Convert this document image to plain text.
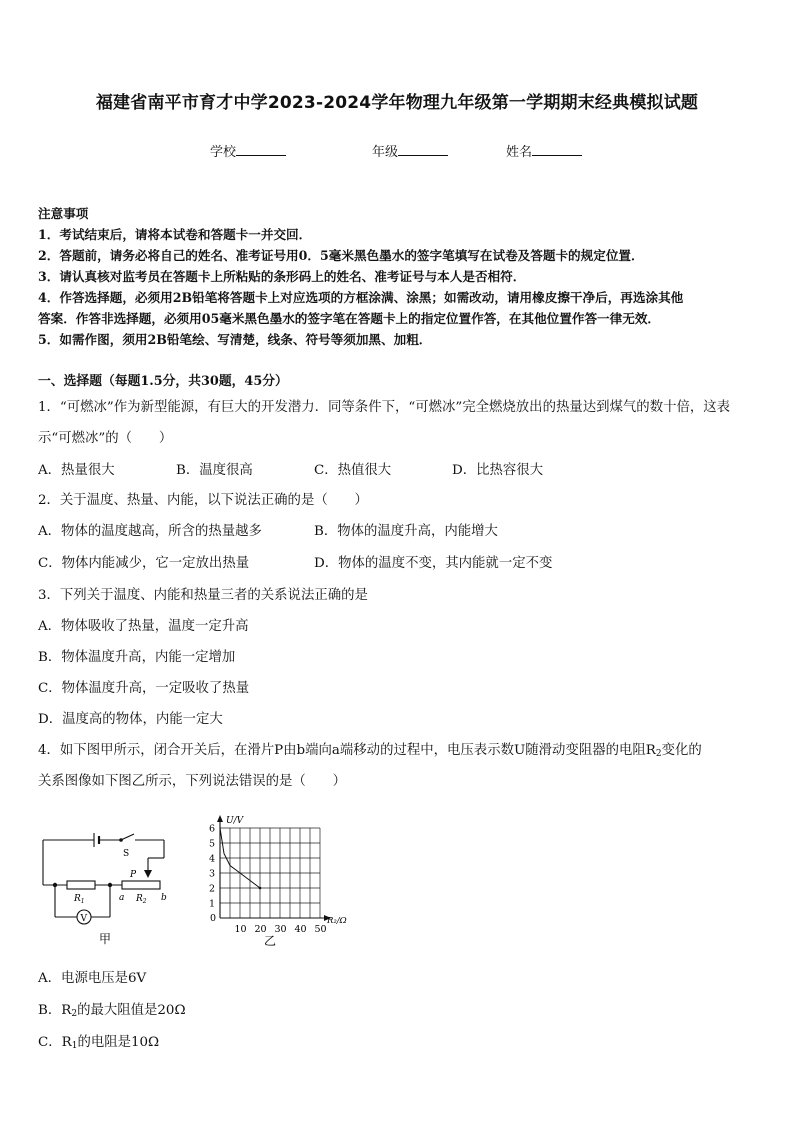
福建省南平市育才中学2023-2024学年物理九年级第一学期期末经典模拟试题
学校	年级	姓名
注意事项
1．考试结束后，请将本试卷和答题卡一并交回．
2．答题前，请务必将自己的姓名、准考证号用0．5毫米黑色墨水的签字笔填写在试卷及答题卡的规定位置．
3．请认真核对监考员在答题卡上所粘贴的条形码上的姓名、准考证号与本人是否相符．
4．作答选择题，必须用2B铅笔将答题卡上对应选项的方框涂满、涂黑；如需改动，请用橡皮擦干净后，再选涂其他
答案．作答非选择题，必须用05毫米黑色墨水的签字笔在答题卡上的指定位置作答，在其他位置作答一律无效．
5．如需作图，须用2B铅笔绘、写清楚，线条、符号等须加黑、加粗．
一、选择题（每题1.5分，共30题，45分）
1．“可燃冰”作为新型能源，有巨大的开发潜力．同等条件下，“可燃冰”完全燃烧放出的热量达到煤气的数十倍，这表
示“可燃冰”的（　　）
A．热量很大	B．温度很高	C．热值很大	D．比热容很大
2．关于温度、热量、内能，以下说法正确的是（　　）
A．物体的温度越高，所含的热量越多	B．物体的温度升高，内能增大
C．物体内能减少，它一定放出热量	D．物体的温度不变，其内能就一定不变
3．下列关于温度、内能和热量三者的关系说法正确的是
A．物体吸收了热量，温度一定升高
B．物体温度升高，内能一定增加
C．物体温度升高，一定吸收了热量
D．温度高的物体，内能一定大
4．如下图甲所示，闭合开关后，在滑片P由b端向a端移动的过程中，电压表示数U随滑动变阻器的电阻$R_2$变化的
关系图像如下图乙所示，下列说法错误的是（　　）
S
P
$R_1$	$R_2$
a	b
V
甲
1
2
3
4
5
6
10 20 30 40 50
U/V
R₂/Ω
0
乙
A．电源电压是6V
B．$R_2$的最大阻值是20Ω
C．$R_1$的电阻是10Ω
